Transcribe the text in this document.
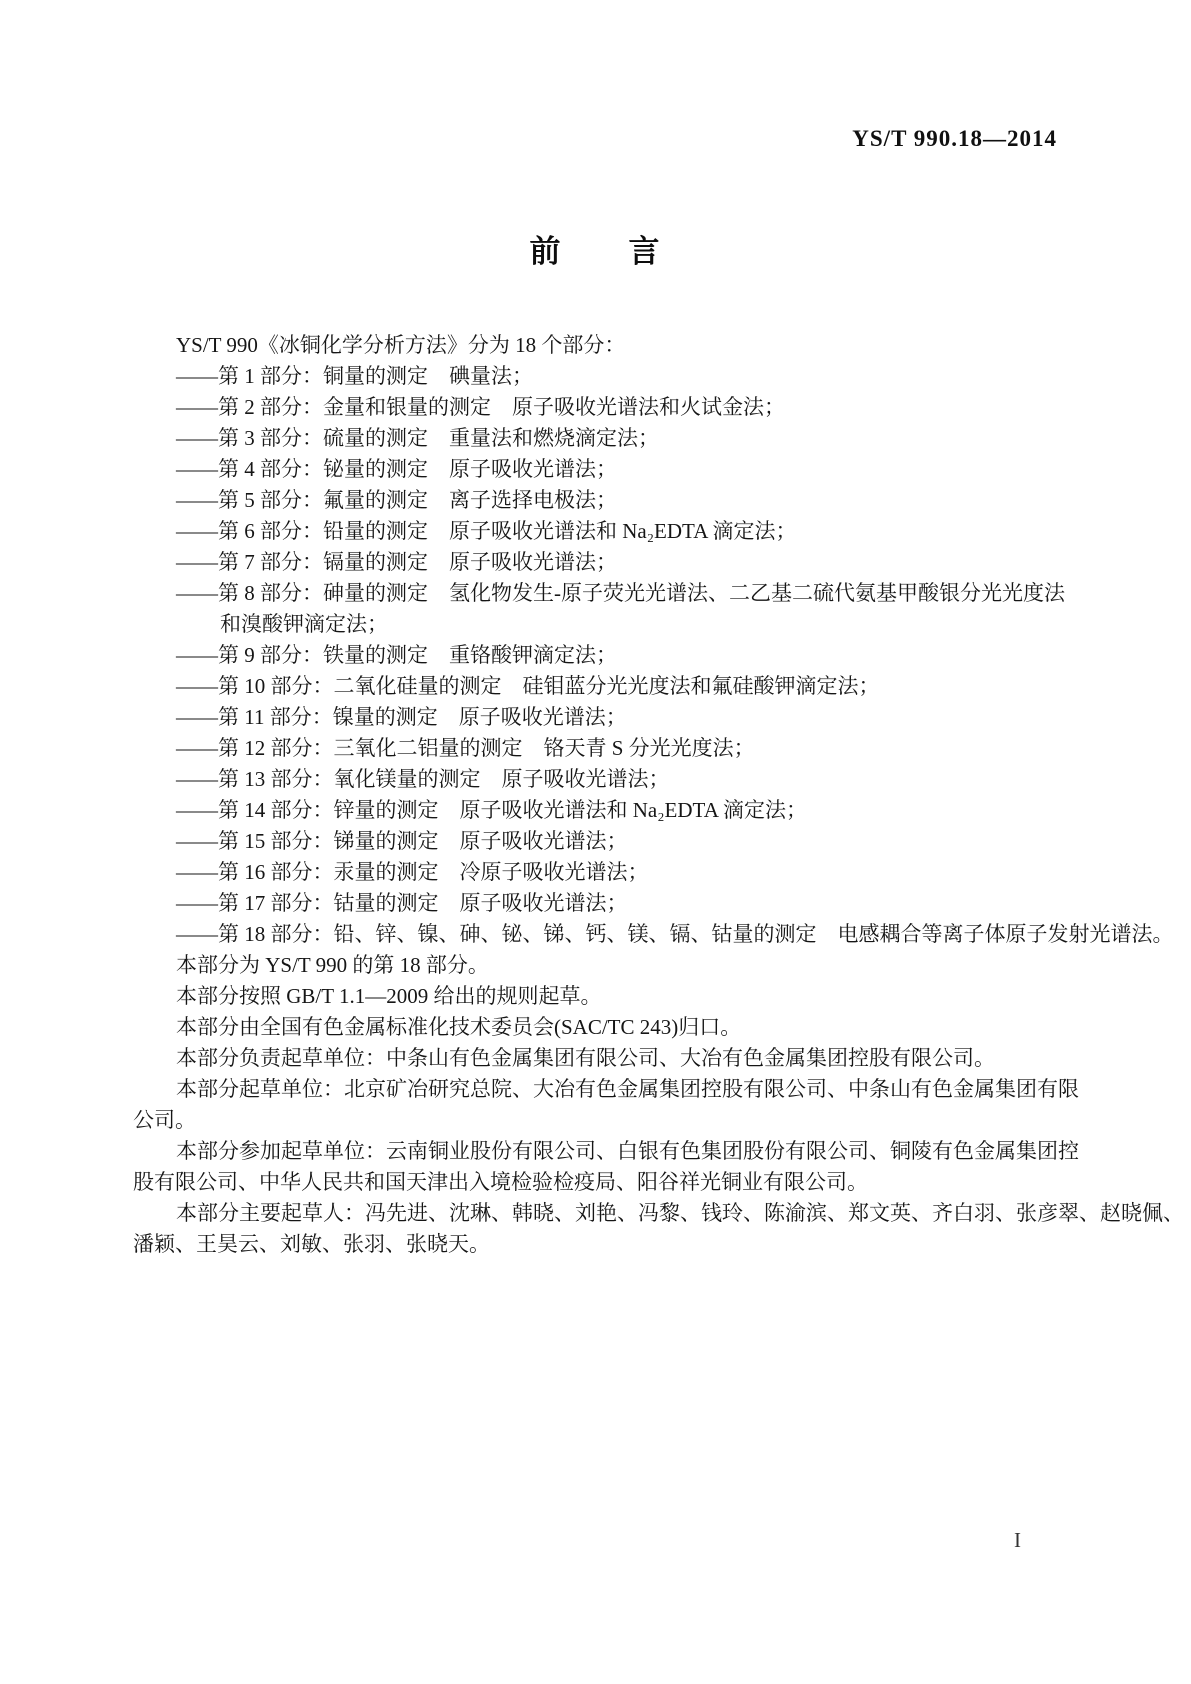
YS/T 990.18—2014
前　　言
YS/T 990《冰铜化学分析方法》分为 18 个部分：
——第 1 部分：铜量的测定　碘量法；
——第 2 部分：金量和银量的测定　原子吸收光谱法和火试金法；
——第 3 部分：硫量的测定　重量法和燃烧滴定法；
——第 4 部分：铋量的测定　原子吸收光谱法；
——第 5 部分：氟量的测定　离子选择电极法；
——第 6 部分：铅量的测定　原子吸收光谱法和 Na₂EDTA 滴定法；
——第 7 部分：镉量的测定　原子吸收光谱法；
——第 8 部分：砷量的测定　氢化物发生-原子荧光光谱法、二乙基二硫代氨基甲酸银分光光度法
和溴酸钾滴定法；
——第 9 部分：铁量的测定　重铬酸钾滴定法；
——第 10 部分：二氧化硅量的测定　硅钼蓝分光光度法和氟硅酸钾滴定法；
——第 11 部分：镍量的测定　原子吸收光谱法；
——第 12 部分：三氧化二铝量的测定　铬天青 S 分光光度法；
——第 13 部分：氧化镁量的测定　原子吸收光谱法；
——第 14 部分：锌量的测定　原子吸收光谱法和 Na₂EDTA 滴定法；
——第 15 部分：锑量的测定　原子吸收光谱法；
——第 16 部分：汞量的测定　冷原子吸收光谱法；
——第 17 部分：钴量的测定　原子吸收光谱法；
——第 18 部分：铅、锌、镍、砷、铋、锑、钙、镁、镉、钴量的测定　电感耦合等离子体原子发射光谱法。
本部分为 YS/T 990 的第 18 部分。
本部分按照 GB/T 1.1—2009 给出的规则起草。
本部分由全国有色金属标准化技术委员会(SAC/TC 243)归口。
本部分负责起草单位：中条山有色金属集团有限公司、大冶有色金属集团控股有限公司。
本部分起草单位：北京矿冶研究总院、大冶有色金属集团控股有限公司、中条山有色金属集团有限
公司。
本部分参加起草单位：云南铜业股份有限公司、白银有色集团股份有限公司、铜陵有色金属集团控
股有限公司、中华人民共和国天津出入境检验检疫局、阳谷祥光铜业有限公司。
本部分主要起草人：冯先进、沈琳、韩晓、刘艳、冯黎、钱玲、陈渝滨、郑文英、齐白羽、张彦翠、赵晓佩、
潘颖、王昊云、刘敏、张羽、张晓天。
I
